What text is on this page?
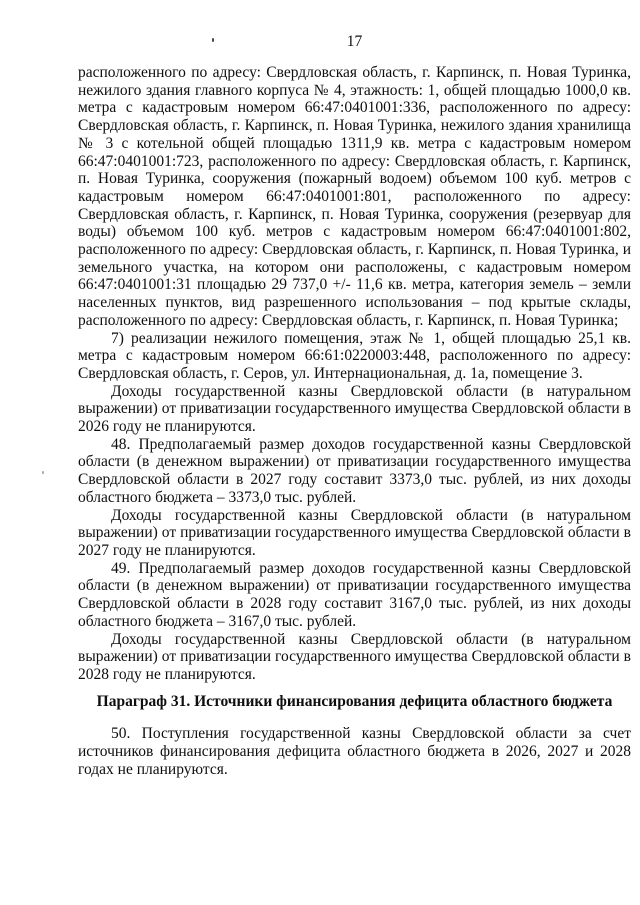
17

расположенного по адресу: Свердловская область, г. Карпинск, п. Новая Туринка, нежилого здания главного корпуса № 4, этажность: 1, общей площадью 1000,0 кв. метра с кадастровым номером 66:47:0401001:336, расположенного по адресу: Свердловская область, г. Карпинск, п. Новая Туринка, нежилого здания хранилища № 3 с котельной общей площадью 1311,9 кв. метра с кадастровым номером 66:47:0401001:723, расположенного по адресу: Свердловская область, г. Карпинск, п. Новая Туринка, сооружения (пожарный водоем) объемом 100 куб. метров с кадастровым номером 66:47:0401001:801, расположенного по адресу: Свердловская область, г. Карпинск, п. Новая Туринка, сооружения (резервуар для воды) объемом 100 куб. метров с кадастровым номером 66:47:0401001:802, расположенного по адресу: Свердловская область, г. Карпинск, п. Новая Туринка, и земельного участка, на котором они расположены, с кадастровым номером 66:47:0401001:31 площадью 29 737,0 +/- 11,6 кв. метра, категория земель – земли населенных пунктов, вид разрешенного использования – под крытые склады, расположенного по адресу: Свердловская область, г. Карпинск, п. Новая Туринка;

7) реализации нежилого помещения, этаж № 1, общей площадью 25,1 кв. метра с кадастровым номером 66:61:0220003:448, расположенного по адресу: Свердловская область, г. Серов, ул. Интернациональная, д. 1а, помещение 3.

Доходы государственной казны Свердловской области (в натуральном выражении) от приватизации государственного имущества Свердловской области в 2026 году не планируются.

48. Предполагаемый размер доходов государственной казны Свердловской области (в денежном выражении) от приватизации государственного имущества Свердловской области в 2027 году составит 3373,0 тыс. рублей, из них доходы областного бюджета – 3373,0 тыс. рублей.

Доходы государственной казны Свердловской области (в натуральном выражении) от приватизации государственного имущества Свердловской области в 2027 году не планируются.

49. Предполагаемый размер доходов государственной казны Свердловской области (в денежном выражении) от приватизации государственного имущества Свердловской области в 2028 году составит 3167,0 тыс. рублей, из них доходы областного бюджета – 3167,0 тыс. рублей.

Доходы государственной казны Свердловской области (в натуральном выражении) от приватизации государственного имущества Свердловской области в 2028 году не планируются.

Параграф 31. Источники финансирования дефицита областного бюджета

50. Поступления государственной казны Свердловской области за счет источников финансирования дефицита областного бюджета в 2026, 2027 и 2028 годах не планируются.
